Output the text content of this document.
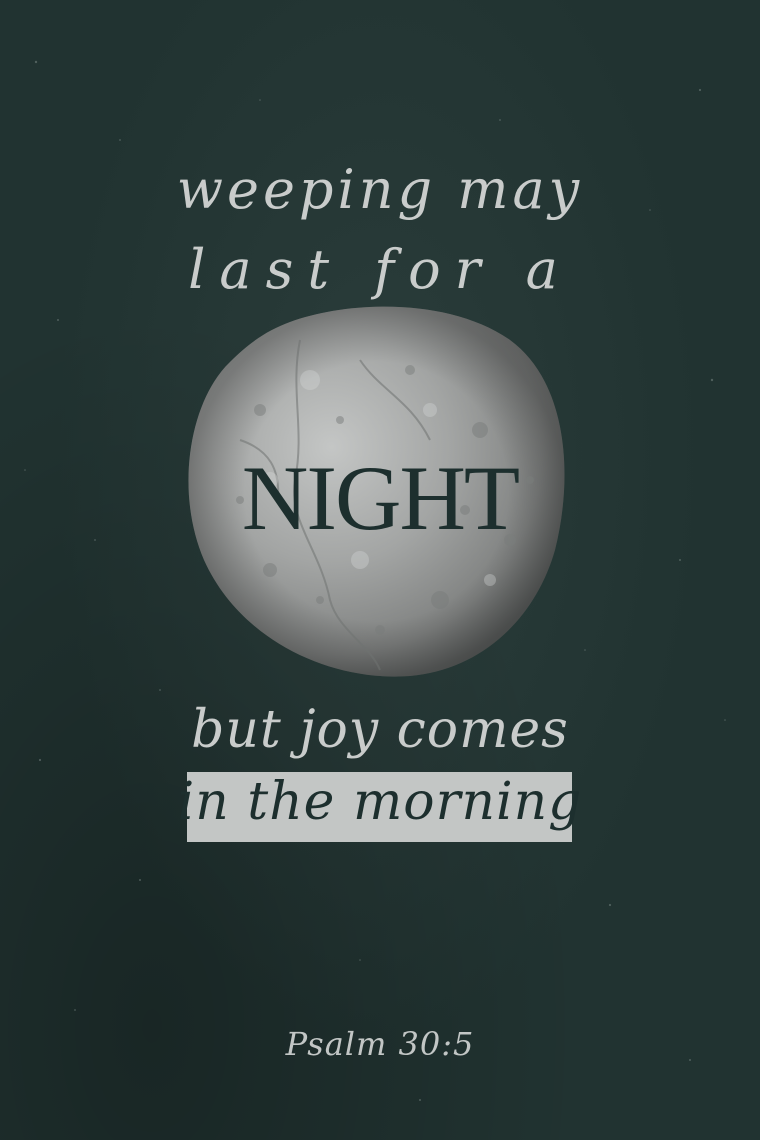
weeping may
last for a
NIGHT
but joy comes
in the morning
Psalm 30:5
